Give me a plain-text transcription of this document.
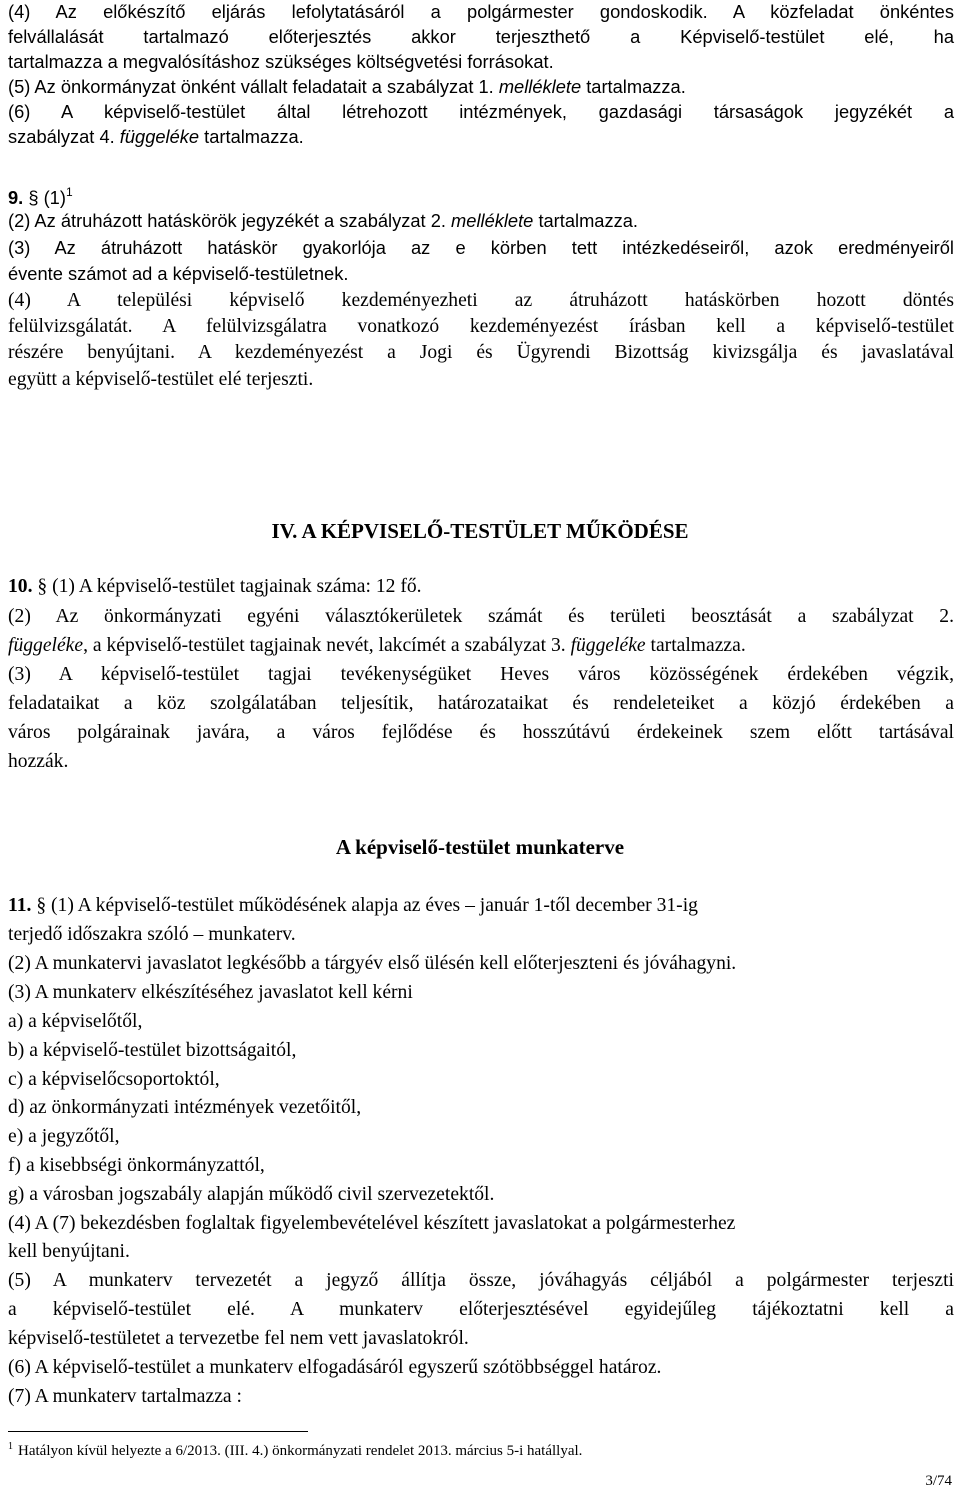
(4) Az előkészítő eljárás lefolytatásáról a polgármester gondoskodik. A közfeladat önkéntes
felvállalását tartalmazó előterjesztés akkor terjeszthető a Képviselő-testület elé, ha
tartalmazza a megvalósításhoz szükséges költségvetési forrásokat.
(5) Az önkormányzat önként vállalt feladatait a szabályzat 1. melléklete tartalmazza.
(6) A képviselő-testület által létrehozott intézmények, gazdasági társaságok jegyzékét a
szabályzat 4. függeléke tartalmazza.
9. § $(1)^1$
(2) Az átruházott hatáskörök jegyzékét a szabályzat 2. melléklete tartalmazza.
(3) Az átruházott hatáskör gyakorlója az e körben tett intézkedéseiről, azok eredményeiről
évente számot ad a képviselő-testületnek.
(4) A települési képviselő kezdeményezheti az átruházott hatáskörben hozott döntés
felülvizsgálatát. A felülvizsgálatra vonatkozó kezdeményezést írásban kell a képviselő-testület
részére benyújtani. A kezdeményezést a Jogi és Ügyrendi Bizottság kivizsgálja és javaslatával
együtt a képviselő-testület elé terjeszti.
IV. A KÉPVISELŐ-TESTÜLET MŰKÖDÉSE
10. § (1) A képviselő-testület tagjainak száma: 12 fő.
(2) Az önkormányzati egyéni választókerületek számát és területi beosztását a szabályzat 2.
függeléke, a képviselő-testület tagjainak nevét, lakcímét a szabályzat 3. függeléke tartalmazza.
(3) A képviselő-testület tagjai tevékenységüket Heves város közösségének érdekében végzik,
feladataikat a köz szolgálatában teljesítik, határozataikat és rendeleteiket a közjó érdekében a
város polgárainak javára, a város fejlődése és hosszútávú érdekeinek szem előtt tartásával
hozzák.
A képviselő-testület munkaterve
11. § (1) A képviselő-testület működésének alapja az éves – január 1-től december 31-ig
terjedő időszakra szóló – munkaterv.
(2) A munkatervi javaslatot legkésőbb a tárgyév első ülésén kell előterjeszteni és jóváhagyni.
(3) A munkaterv elkészítéséhez javaslatot kell kérni
a) a képviselőtől,
b) a képviselő-testület bizottságaitól,
c) a képviselőcsoportoktól,
d) az önkormányzati intézmények vezetőitől,
e) a jegyzőtől,
f) a kisebbségi önkormányzattól,
g) a városban jogszabály alapján működő civil szervezetektől.
(4) A (7) bekezdésben foglaltak figyelembevételével készített javaslatokat a polgármesterhez
kell benyújtani.
(5) A munkaterv tervezetét a jegyző állítja össze, jóváhagyás céljából a polgármester terjeszti
a képviselő-testület elé. A munkaterv előterjesztésével egyidejűleg tájékoztatni kell a
képviselő-testületet a tervezetbe fel nem vett javaslatokról.
(6) A képviselő-testület a munkaterv elfogadásáról egyszerű szótöbbséggel határoz.
(7) A munkaterv tartalmazza :
$^1$ Hatályon kívül helyezte a 6/2013. (III. 4.) önkormányzati rendelet 2013. március 5-i hatállyal.
3/74
